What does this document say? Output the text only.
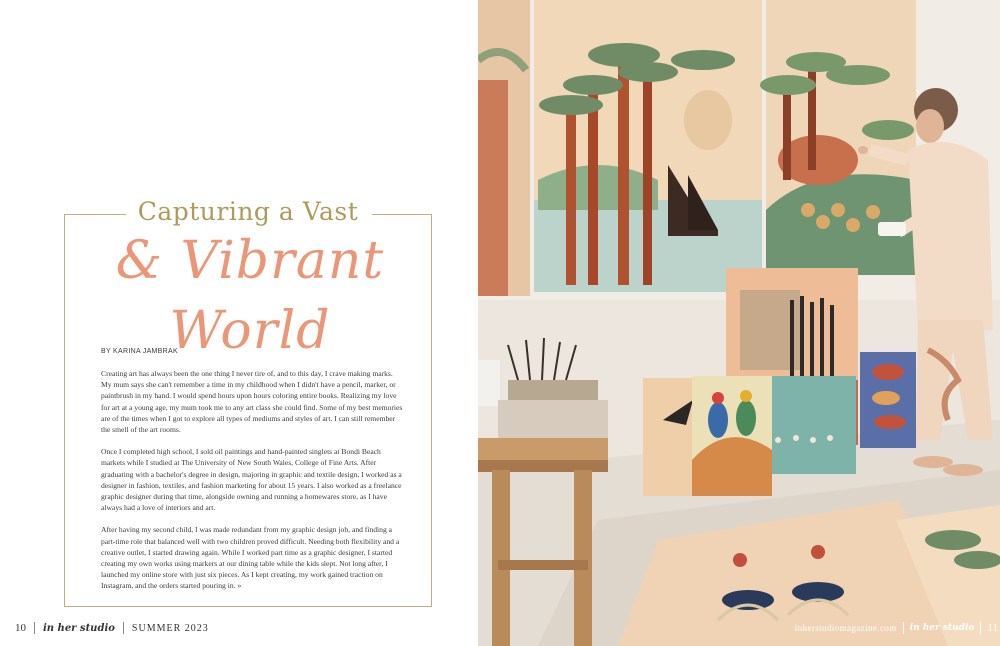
Capturing a Vast
& Vibrant World

BY KARINA JAMBRAK

Creating art has always been the one thing I never tire of, and to this day, I crave making marks. My mum says she can't remember a time in my childhood when I didn't have a pencil, marker, or paintbrush in my hand. I would spend hours upon hours coloring entire books. Realizing my love for art at a young age, my mum took me to any art class she could find. Some of my best memories are of the times when I got to explore all types of mediums and styles of art. I can still remember the smell of the art rooms.

Once I completed high school, I sold oil paintings and hand-painted singlets at Bondi Beach markets while I studied at The University of New South Wales, College of Fine Arts. After graduating with a bachelor's degree in design, majoring in graphic and textile design, I worked as a designer in fashion, textiles, and fashion marketing for about 15 years. I also worked as a freelance graphic designer during that time, alongside owning and running a homewares store, as I have always had a love of interiors and art.

After having my second child, I was made redundant from my graphic design job, and finding a part-time role that balanced well with two children proved difficult. Needing both flexibility and a creative outlet, I started drawing again. While I worked part time as a graphic designer, I started creating my own works using markers at our dining table while the kids slept. Not long after, I launched my online store with just six pieces. As I kept creating, my work gained traction on Instagram, and the orders started pouring in. »

10 in her studio SUMMER 2023	inherstudiomagazine.com in her studio 11
